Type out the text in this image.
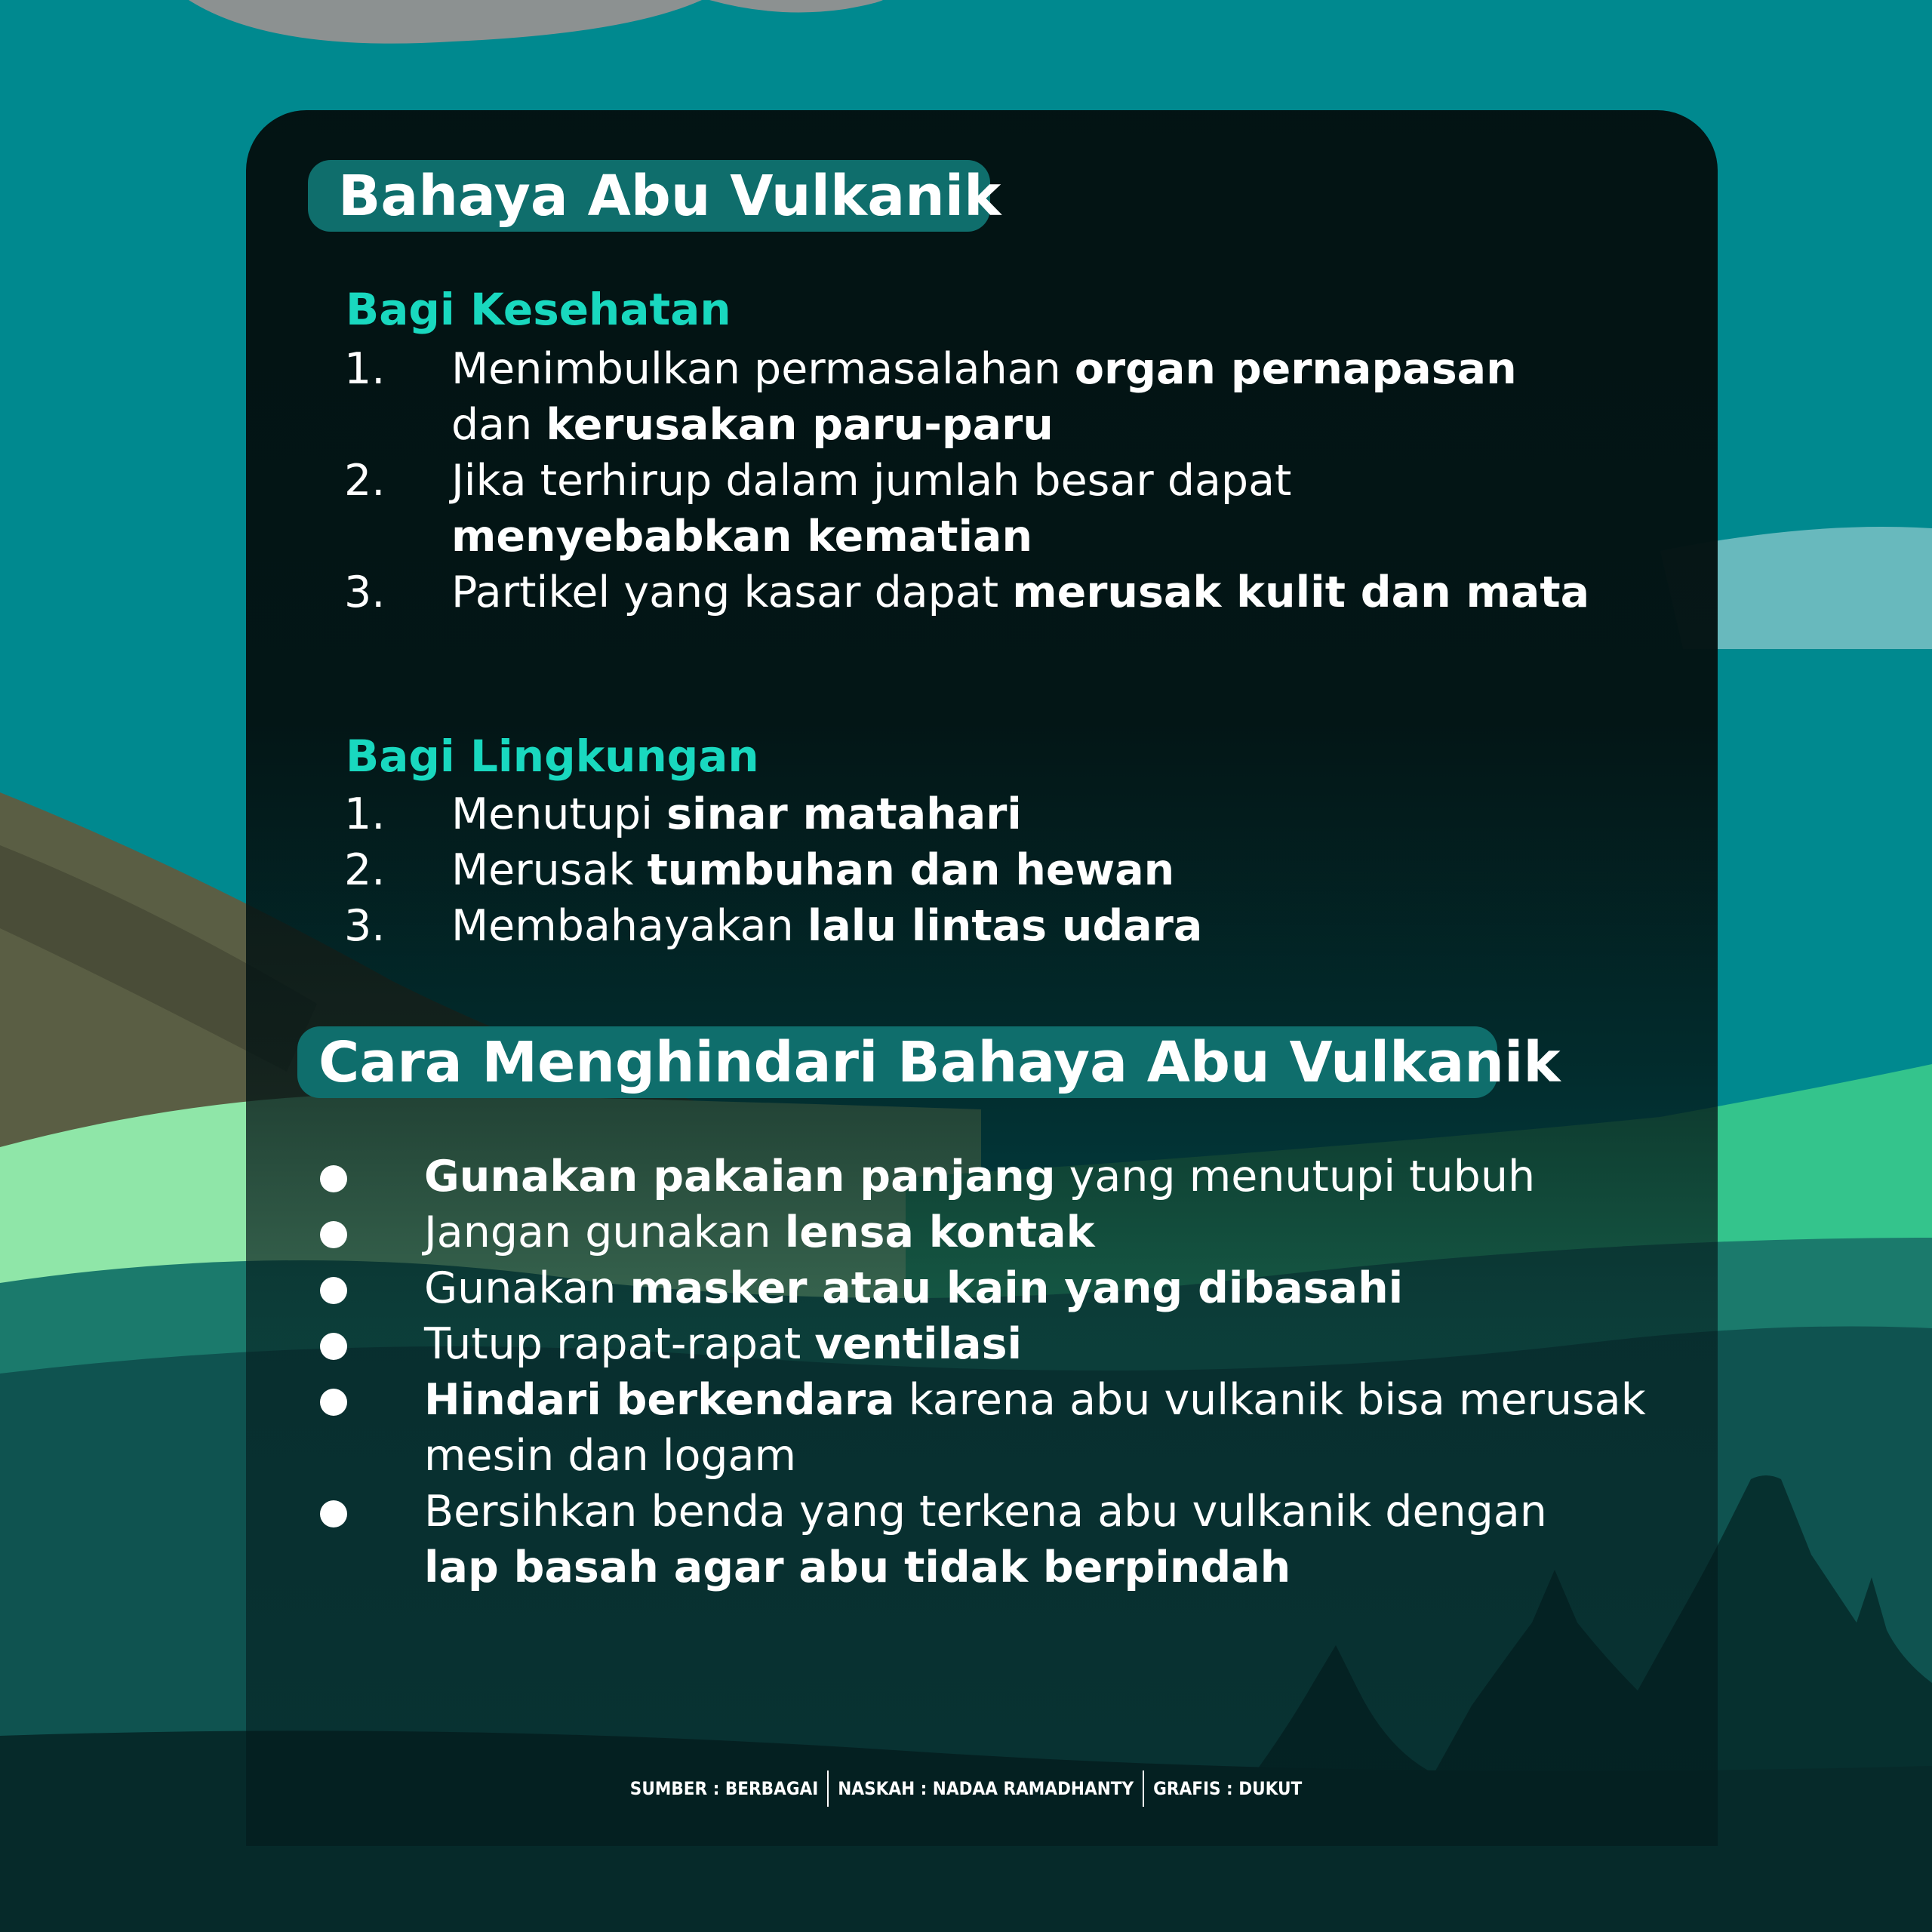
Bahaya Abu Vulkanik
Bagi Kesehatan
1. Menimbulkan permasalahan organ pernapasan
dan kerusakan paru-paru
2. Jika terhirup dalam jumlah besar dapat
menyebabkan kematian
3. Partikel yang kasar dapat merusak kulit dan mata
Bagi Lingkungan
1. Menutupi sinar matahari
2. Merusak tumbuhan dan hewan
3. Membahayakan lalu lintas udara
Cara Menghindari Bahaya Abu Vulkanik
Gunakan pakaian panjang yang menutupi tubuh
Jangan gunakan lensa kontak
Gunakan masker atau kain yang dibasahi
Tutup rapat-rapat ventilasi
Hindari berkendara karena abu vulkanik bisa merusak mesin dan logam
Bersihkan benda yang terkena abu vulkanik dengan
lap basah agar abu tidak berpindah
SUMBER : BERBAGAI NASKAH : NADAA RAMADHANTY GRAFIS : DUKUT
